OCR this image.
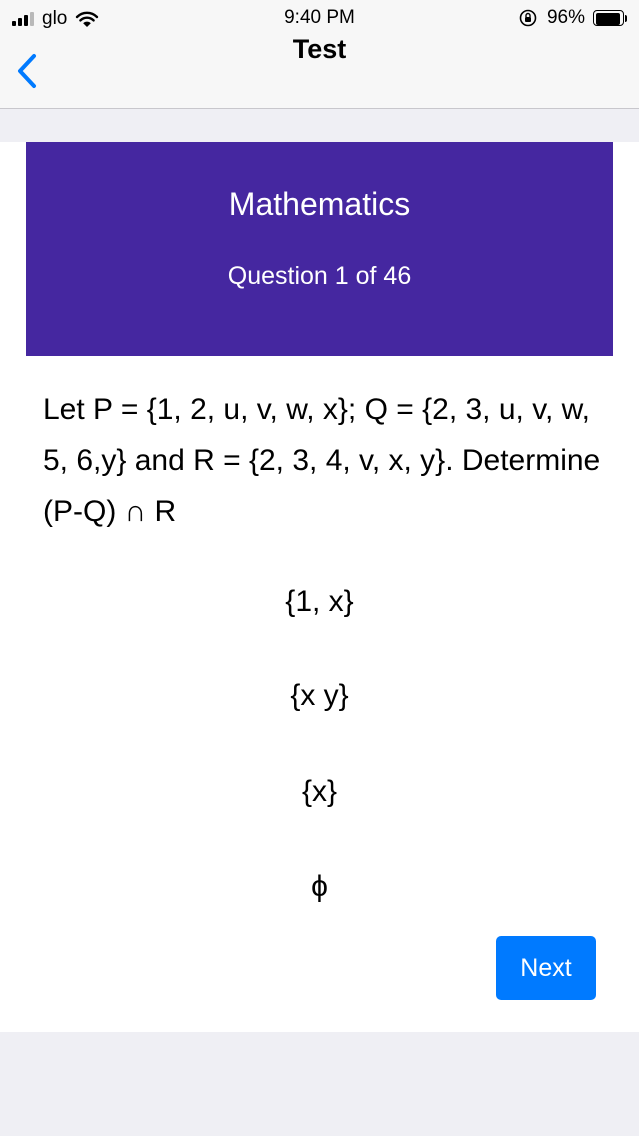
glo	9:40 PM	96%
Test
Mathematics
Question 1 of 46
Let P = {1, 2, u, v, w, x}; Q = {2, 3, u, v, w, 5, 6,y} and R = {2, 3, 4, v, x, y}. Determine (P-Q) ∩ R
{1, x}
{x y}
{x}
ϕ
Next
